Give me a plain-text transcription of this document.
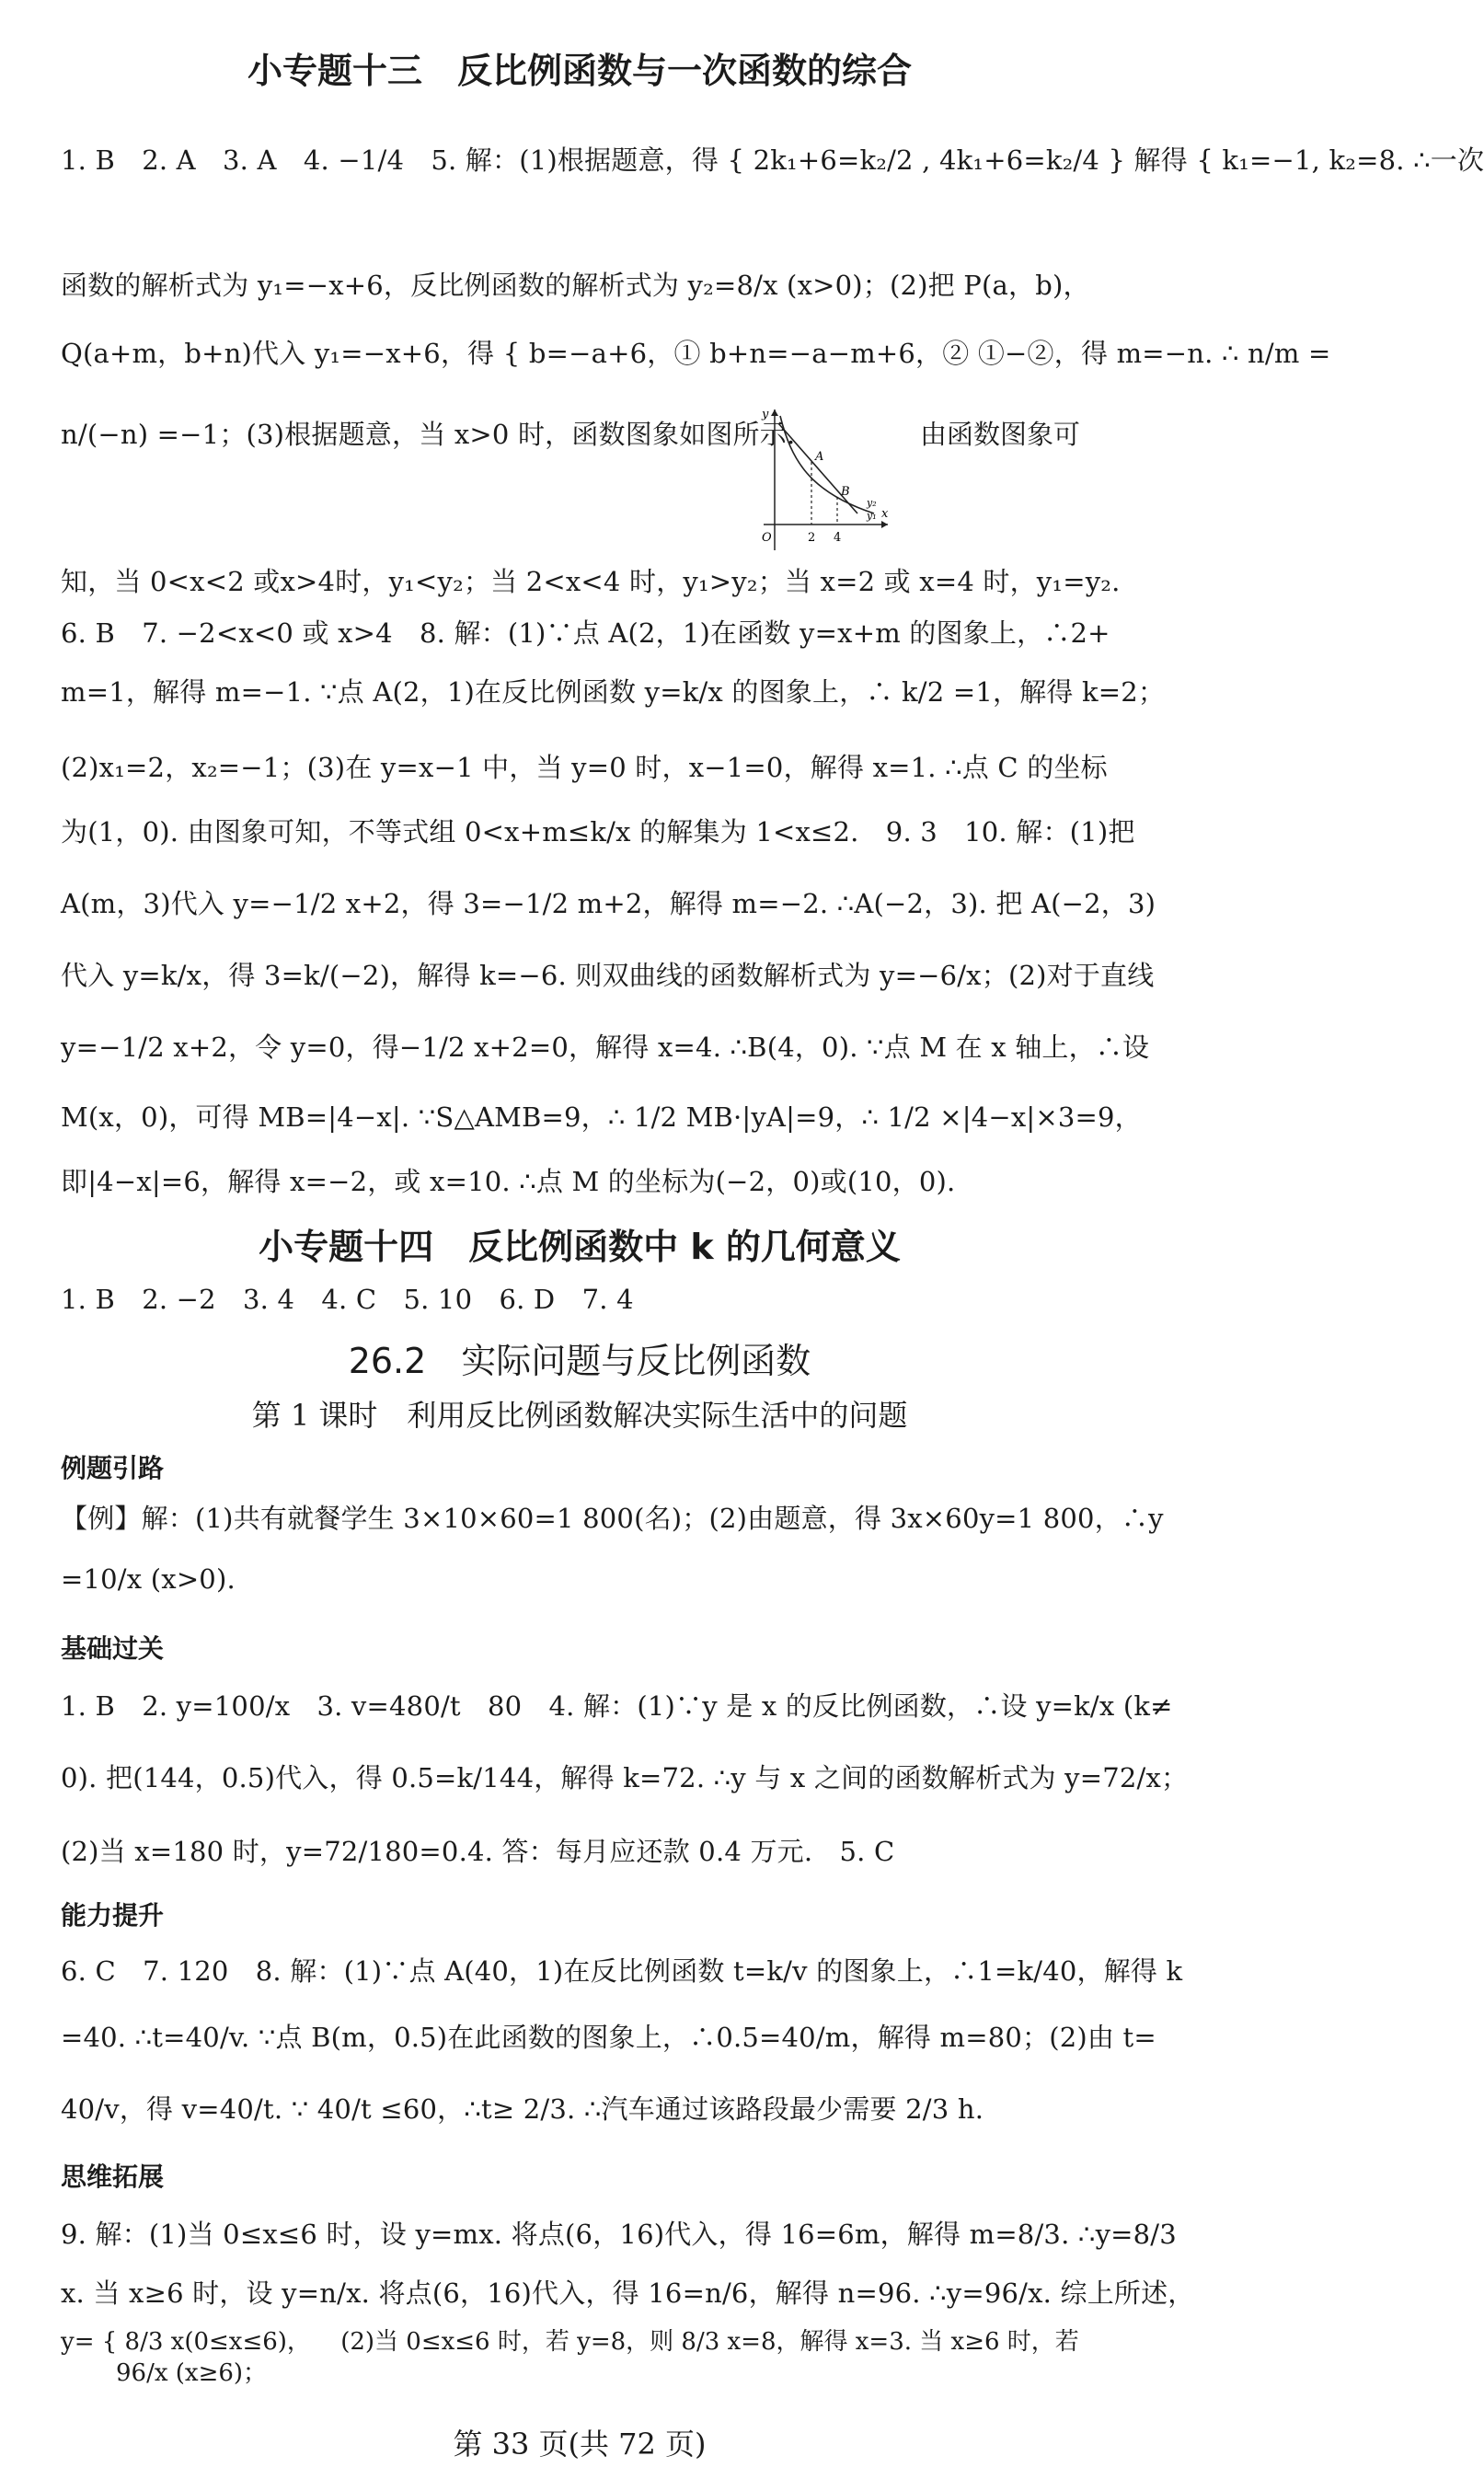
小专题十三　反比例函数与一次函数的综合
1. B　2. A　3. A　4. −1/4　5. 解：(1)根据题意，得 { 2k₁+6=k₂/2 , 4k₁+6=k₂/4 } 解得 { k₁=−1, k₂=8. ∴一次
函数的解析式为 y₁=−x+6，反比例函数的解析式为 y₂=8/x (x>0)；(2)把 P(a，b)，
Q(a+m，b+n)代入 y₁=−x+6，得 { b=−a+6，① b+n=−a−m+6，② ①−②，得 m=−n. ∴ n/m =
n/(−n) =−1；(3)根据题意，当 x>0 时，函数图象如图所示.	由函数图象可
y
x
O	2 4
A
B
y₂
y₁
知，当 0<x<2 或x>4时，y₁<y₂；当 2<x<4 时，y₁>y₂；当 x=2 或 x=4 时，y₁=y₂.
6. B　7. −2<x<0 或 x>4　8. 解：(1)∵点 A(2，1)在函数 y=x+m 的图象上，∴2+
m=1，解得 m=−1. ∵点 A(2，1)在反比例函数 y=k/x 的图象上，∴ k/2 =1，解得 k=2；
(2)x₁=2，x₂=−1；(3)在 y=x−1 中，当 y=0 时，x−1=0，解得 x=1. ∴点 C 的坐标
为(1，0). 由图象可知，不等式组 0<x+m≤k/x 的解集为 1<x≤2.　9. 3　10. 解：(1)把
A(m，3)代入 y=−1/2 x+2，得 3=−1/2 m+2，解得 m=−2. ∴A(−2，3). 把 A(−2，3)
代入 y=k/x，得 3=k/(−2)，解得 k=−6. 则双曲线的函数解析式为 y=−6/x；(2)对于直线
y=−1/2 x+2，令 y=0，得−1/2 x+2=0，解得 x=4. ∴B(4，0). ∵点 M 在 x 轴上，∴设
M(x，0)，可得 MB=|4−x|. ∵S△AMB=9，∴ 1/2 MB·|yA|=9，∴ 1/2 ×|4−x|×3=9，
即|4−x|=6，解得 x=−2，或 x=10. ∴点 M 的坐标为(−2，0)或(10，0).
小专题十四　反比例函数中 k 的几何意义
1. B　2. −2　3. 4　4. C　5. 10　6. D　7. 4
26.2　实际问题与反比例函数
第 1 课时　利用反比例函数解决实际生活中的问题
例题引路
【例】解：(1)共有就餐学生 3×10×60=1 800(名)；(2)由题意，得 3x×60y=1 800，∴y
=10/x (x>0).
基础过关
1. B　2. y=100/x　3. v=480/t　80　4. 解：(1)∵y 是 x 的反比例函数，∴设 y=k/x (k≠
0). 把(144，0.5)代入，得 0.5=k/144，解得 k=72. ∴y 与 x 之间的函数解析式为 y=72/x；
(2)当 x=180 时，y=72/180=0.4. 答：每月应还款 0.4 万元.　5. C
能力提升
6. C　7. 120　8. 解：(1)∵点 A(40，1)在反比例函数 t=k/v 的图象上，∴1=k/40，解得 k
=40. ∴t=40/v. ∵点 B(m，0.5)在此函数的图象上，∴0.5=40/m，解得 m=80；(2)由 t=
40/v，得 v=40/t. ∵ 40/t ≤60，∴t≥ 2/3. ∴汽车通过该路段最少需要 2/3 h.
思维拓展
9. 解：(1)当 0≤x≤6 时，设 y=mx. 将点(6，16)代入，得 16=6m，解得 m=8/3. ∴y=8/3
x. 当 x≥6 时，设 y=n/x. 将点(6，16)代入，得 16=n/6，解得 n=96. ∴y=96/x. 综上所述，
第 33 页(共 72 页)
y= { 8/3 x(0≤x≤6)， (2)当 0≤x≤6 时，若 y=8，则 8/3 x=8，解得 x=3. 当 x≥6 时，若
96/x (x≥6)；
